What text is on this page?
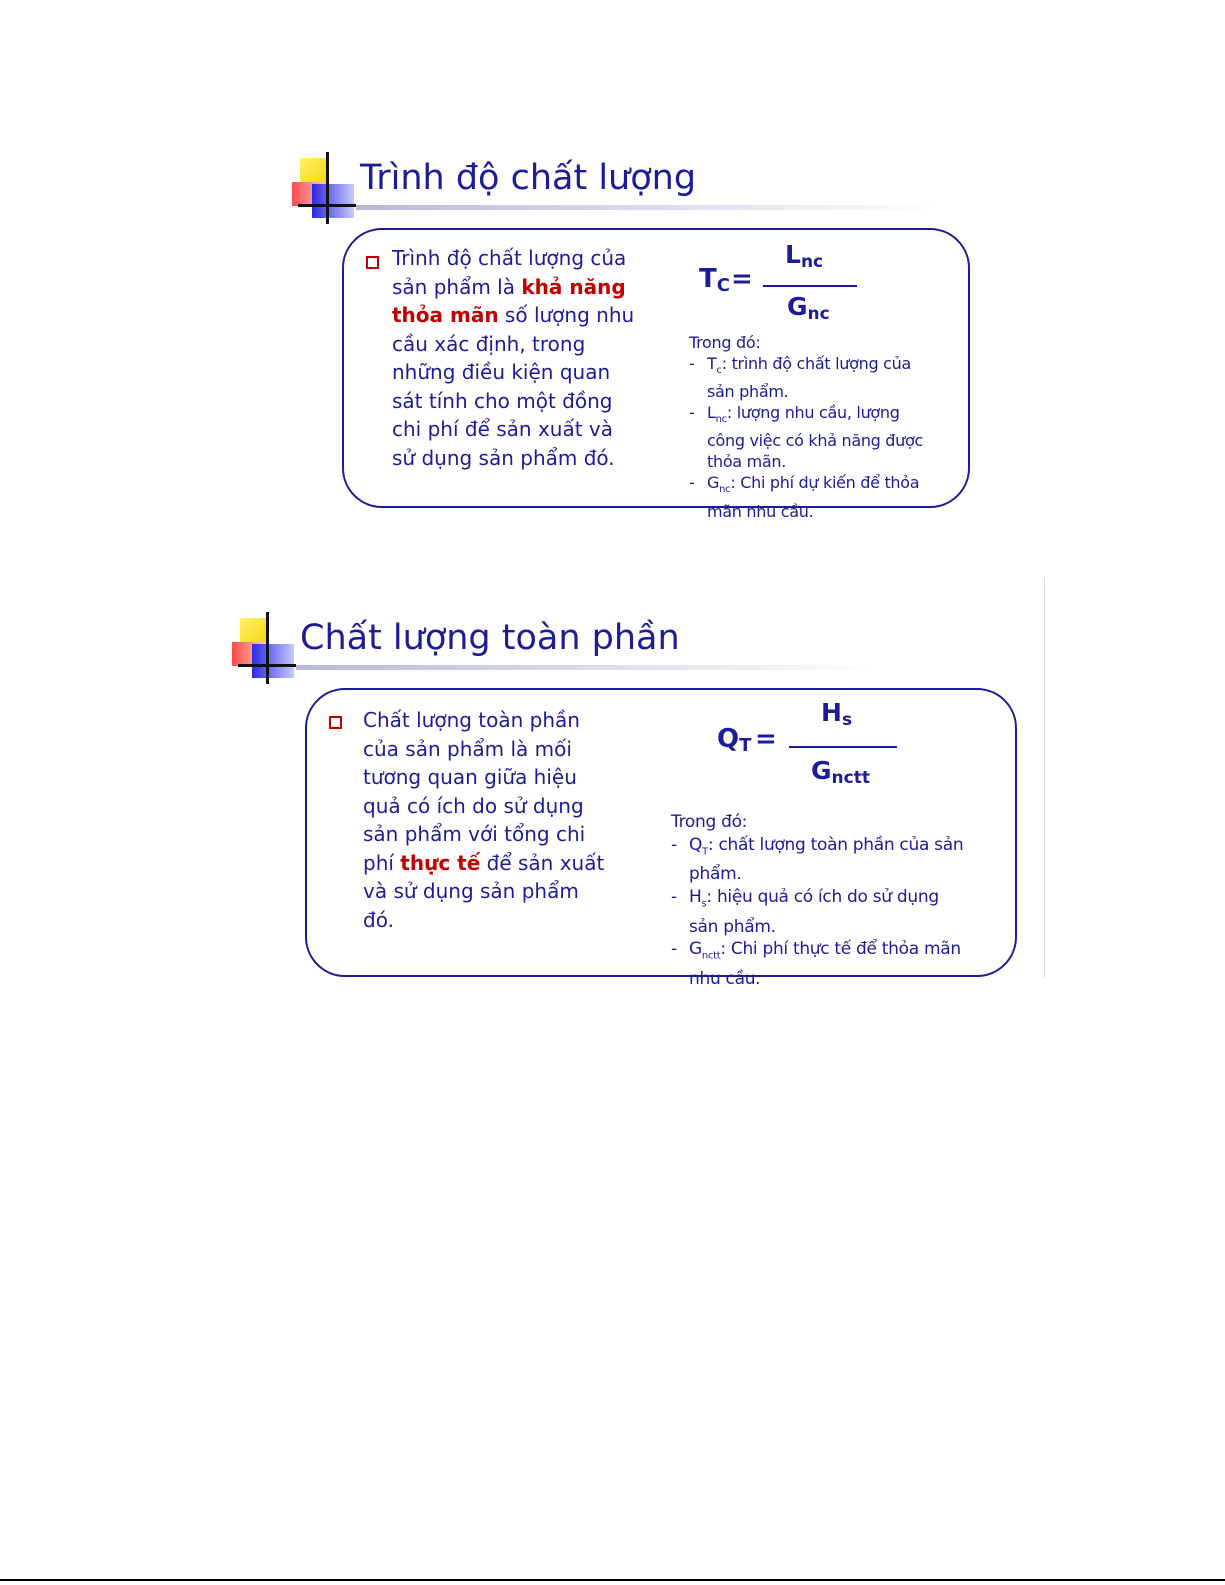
Trình độ chất lượng
Trình độ chất lượng của sản phẩm là khả năng thỏa mãn số lượng nhu cầu xác định, trong những điều kiện quan sát tính cho một đồng chi phí để sản xuất và sử dụng sản phẩm đó.
$T_C$ =
$L_{nc}$
$G_{nc}$
Trong đó:
- $T_c$: trình độ chất lượng của sản phẩm.
- $L_{nc}$: lượng nhu cầu, lượng công việc có khả năng được thỏa mãn.
- $G_{nc}$: Chi phí dự kiến để thỏa mãn nhu cầu.
Chất lượng toàn phần
Chất lượng toàn phần của sản phẩm là mối tương quan giữa hiệu quả có ích do sử dụng sản phẩm với tổng chi phí thực tế để sản xuất và sử dụng sản phẩm đó.
$Q_T$ =
$H_s$
$G_{nctt}$
Trong đó:
- $Q_T$: chất lượng toàn phần của sản phẩm.
- $H_s$: hiệu quả có ích do sử dụng sản phẩm.
- $G_{nctt}$: Chi phí thực tế để thỏa mãn nhu cầu.
